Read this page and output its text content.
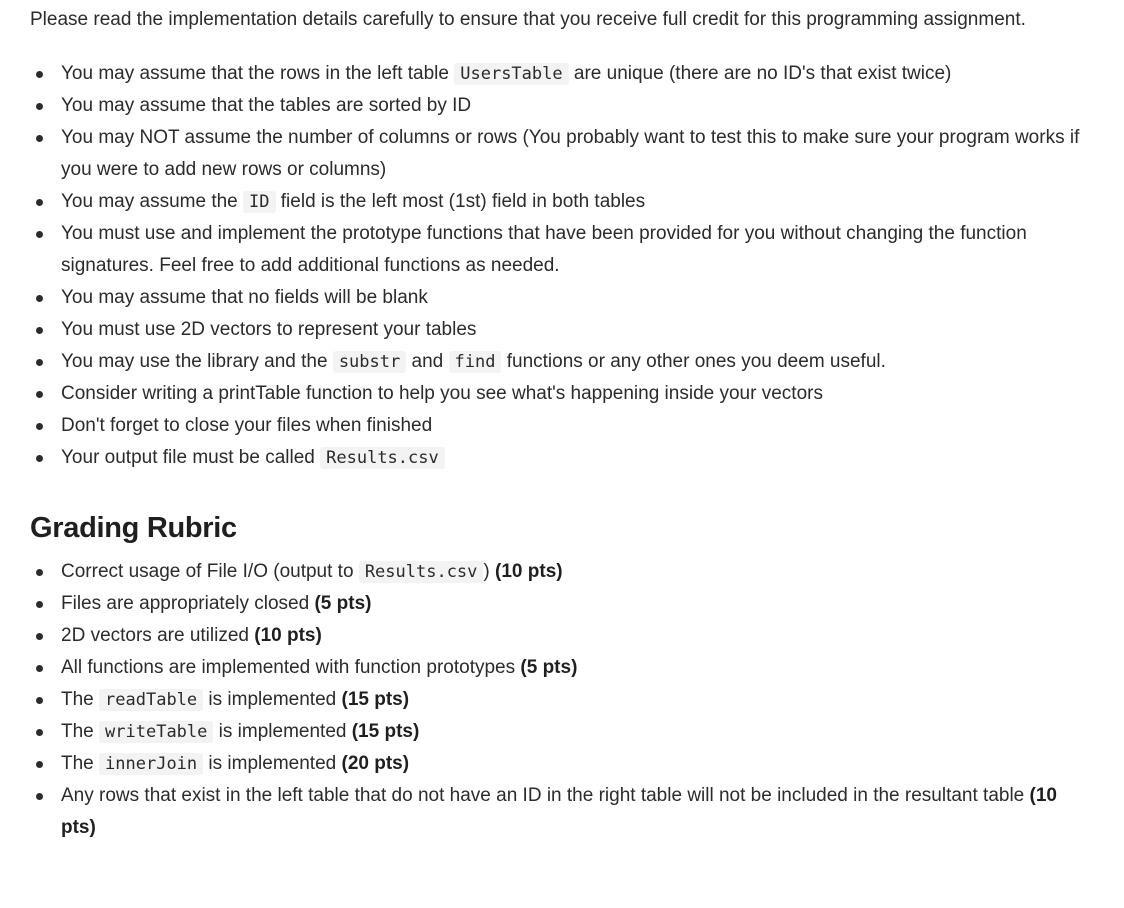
Please read the implementation details carefully to ensure that you receive full credit for this programming assignment.

You may assume that the rows in the left table UsersTable are unique (there are no ID's that exist twice)
You may assume that the tables are sorted by ID
You may NOT assume the number of columns or rows (You probably want to test this to make sure your program works if you were to add new rows or columns)
You may assume the ID field is the left most (1st) field in both tables
You must use and implement the prototype functions that have been provided for you without changing the function signatures. Feel free to add additional functions as needed.
You may assume that no fields will be blank
You must use 2D vectors to represent your tables
You may use the library and the substr and find functions or any other ones you deem useful.
Consider writing a printTable function to help you see what's happening inside your vectors
Don't forget to close your files when finished
Your output file must be called Results.csv
Grading Rubric
Correct usage of File I/O (output to Results.csv ) (10 pts)
Files are appropriately closed (5 pts)
2D vectors are utilized (10 pts)
All functions are implemented with function prototypes (5 pts)
The readTable is implemented (15 pts)
The writeTable is implemented (15 pts)
The innerJoin is implemented (20 pts)
Any rows that exist in the left table that do not have an ID in the right table will not be included in the resultant table (10 pts)
